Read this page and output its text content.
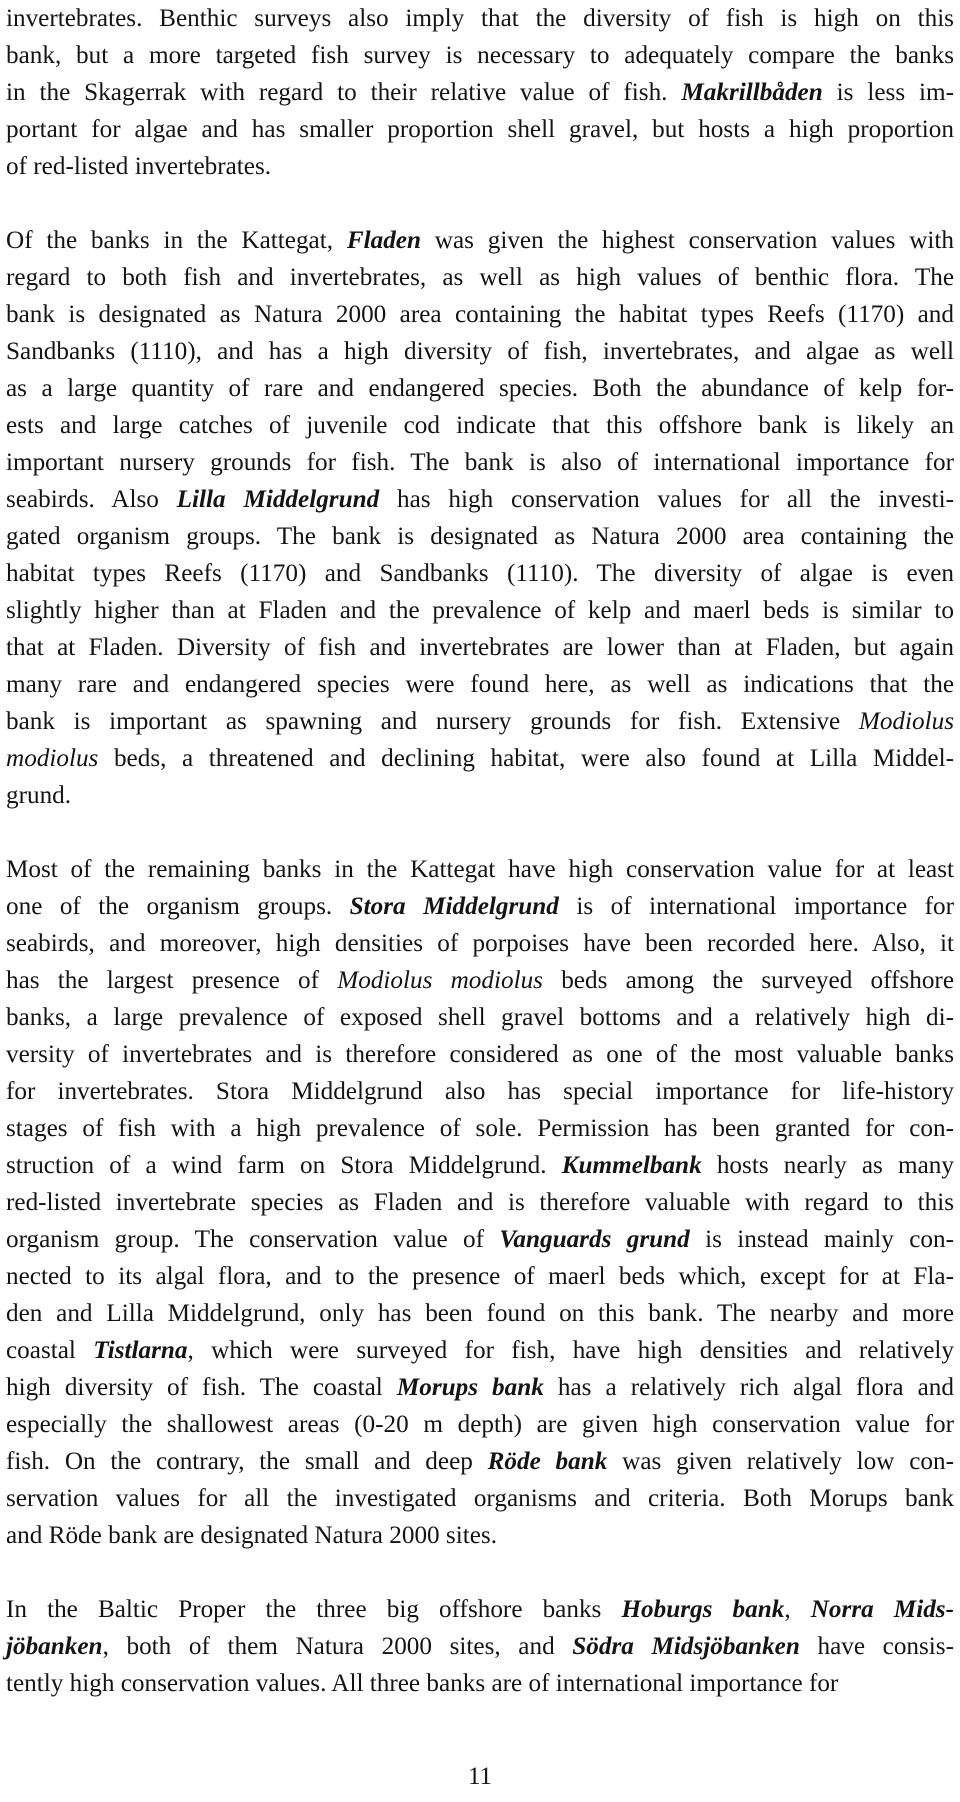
invertebrates. Benthic surveys also imply that the diversity of fish is high on this
bank, but a more targeted fish survey is necessary to adequately compare the banks
in the Skagerrak with regard to their relative value of fish. Makrillbåden is less im-
portant for algae and has smaller proportion shell gravel, but hosts a high proportion
of red-listed invertebrates.
Of the banks in the Kattegat, Fladen was given the highest conservation values with
regard to both fish and invertebrates, as well as high values of benthic flora. The
bank is designated as Natura 2000 area containing the habitat types Reefs (1170) and
Sandbanks (1110), and has a high diversity of fish, invertebrates, and algae as well
as a large quantity of rare and endangered species. Both the abundance of kelp for-
ests and large catches of juvenile cod indicate that this offshore bank is likely an
important nursery grounds for fish. The bank is also of international importance for
seabirds. Also Lilla Middelgrund has high conservation values for all the investi-
gated organism groups. The bank is designated as Natura 2000 area containing the
habitat types Reefs (1170) and Sandbanks (1110). The diversity of algae is even
slightly higher than at Fladen and the prevalence of kelp and maerl beds is similar to
that at Fladen. Diversity of fish and invertebrates are lower than at Fladen, but again
many rare and endangered species were found here, as well as indications that the
bank is important as spawning and nursery grounds for fish. Extensive Modiolus
modiolus beds, a threatened and declining habitat, were also found at Lilla Middel-
grund.
Most of the remaining banks in the Kattegat have high conservation value for at least
one of the organism groups. Stora Middelgrund is of international importance for
seabirds, and moreover, high densities of porpoises have been recorded here. Also, it
has the largest presence of Modiolus modiolus beds among the surveyed offshore
banks, a large prevalence of exposed shell gravel bottoms and a relatively high di-
versity of invertebrates and is therefore considered as one of the most valuable banks
for invertebrates. Stora Middelgrund also has special importance for life-history
stages of fish with a high prevalence of sole. Permission has been granted for con-
struction of a wind farm on Stora Middelgrund. Kummelbank hosts nearly as many
red-listed invertebrate species as Fladen and is therefore valuable with regard to this
organism group. The conservation value of Vanguards grund is instead mainly con-
nected to its algal flora, and to the presence of maerl beds which, except for at Fla-
den and Lilla Middelgrund, only has been found on this bank. The nearby and more
coastal Tistlarna, which were surveyed for fish, have high densities and relatively
high diversity of fish. The coastal Morups bank has a relatively rich algal flora and
especially the shallowest areas (0-20 m depth) are given high conservation value for
fish. On the contrary, the small and deep Röde bank was given relatively low con-
servation values for all the investigated organisms and criteria. Both Morups bank
and Röde bank are designated Natura 2000 sites.
In the Baltic Proper the three big offshore banks Hoburgs bank, Norra Mids-
jöbanken, both of them Natura 2000 sites, and Södra Midsjöbanken have consis-
tently high conservation values. All three banks are of international importance for
11
